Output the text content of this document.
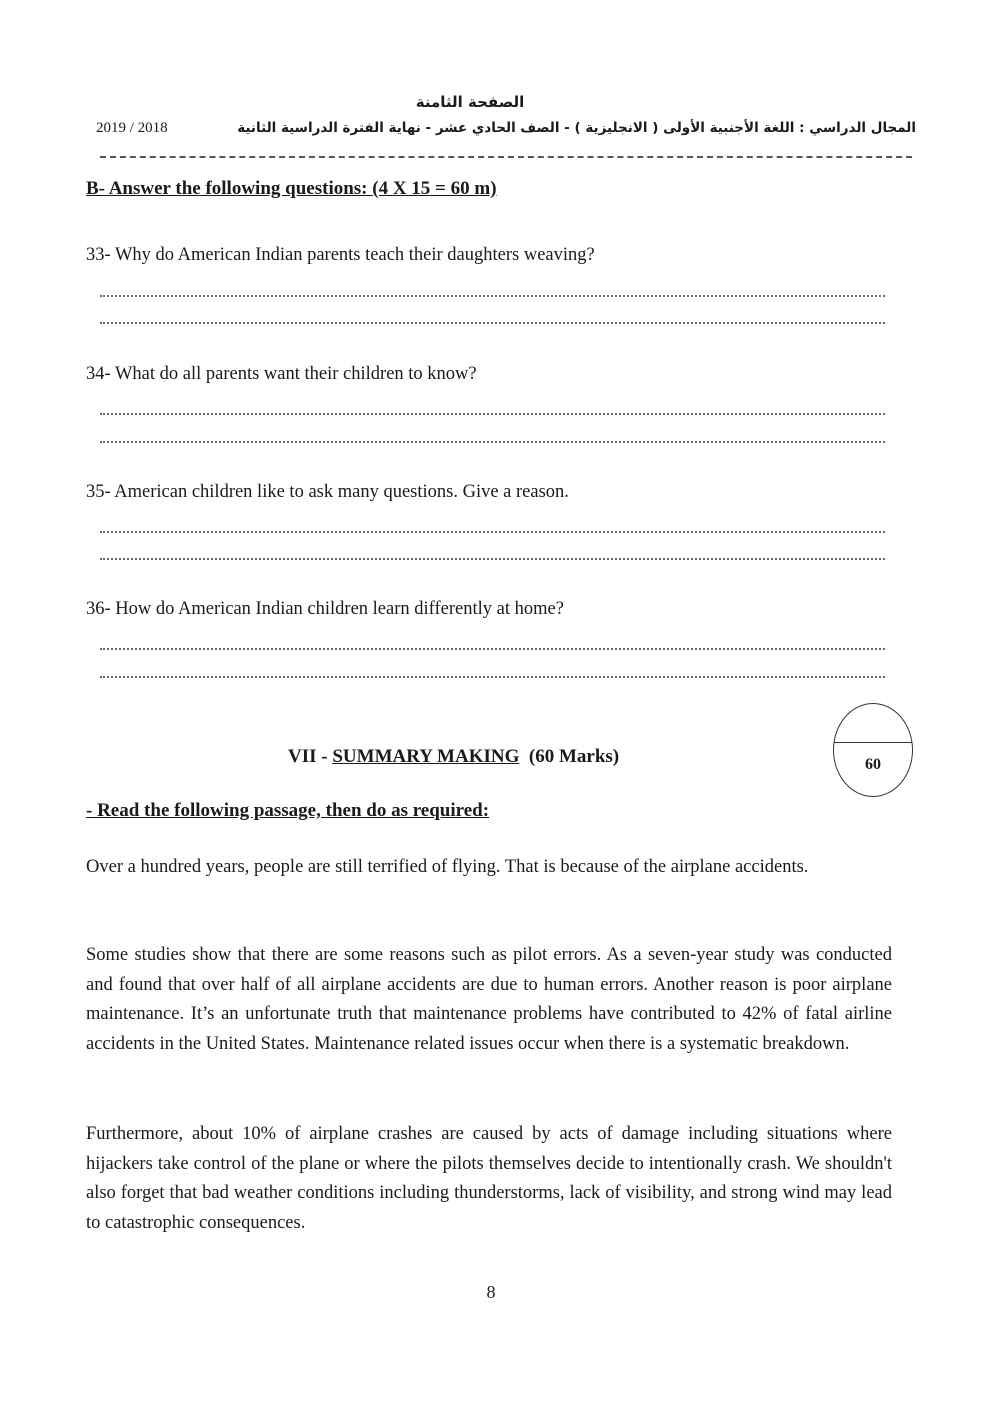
الصفحة الثامنة
2019 / 2018	المجال الدراسي : اللغة الأجنبية الأولى ( الانجليزية ) - الصف الحادي عشر - نهاية الفترة الدراسية الثانية
B- Answer the following questions: (4 X 15 = 60 m)
33- Why do American Indian parents teach their daughters weaving?
34- What do all parents want their children to know?
35- American children like to ask many questions. Give a reason.
36- How do American Indian children learn differently at home?
60
VII - SUMMARY MAKING (60 Marks)
- Read the following passage, then do as required:
Over a hundred years, people are still terrified of flying. That is because of the airplane accidents.
Some studies show that there are some reasons such as pilot errors. As a seven-year study was conducted and found that over half of all airplane accidents are due to human errors. Another reason is poor airplane maintenance. It’s an unfortunate truth that maintenance problems have contributed to 42% of fatal airline accidents in the United States. Maintenance related issues occur when there is a systematic breakdown.
Furthermore, about 10% of airplane crashes are caused by acts of damage including situations where hijackers take control of the plane or where the pilots themselves decide to intentionally crash. We shouldn't also forget that bad weather conditions including thunderstorms, lack of visibility, and strong wind may lead to catastrophic consequences.
8
